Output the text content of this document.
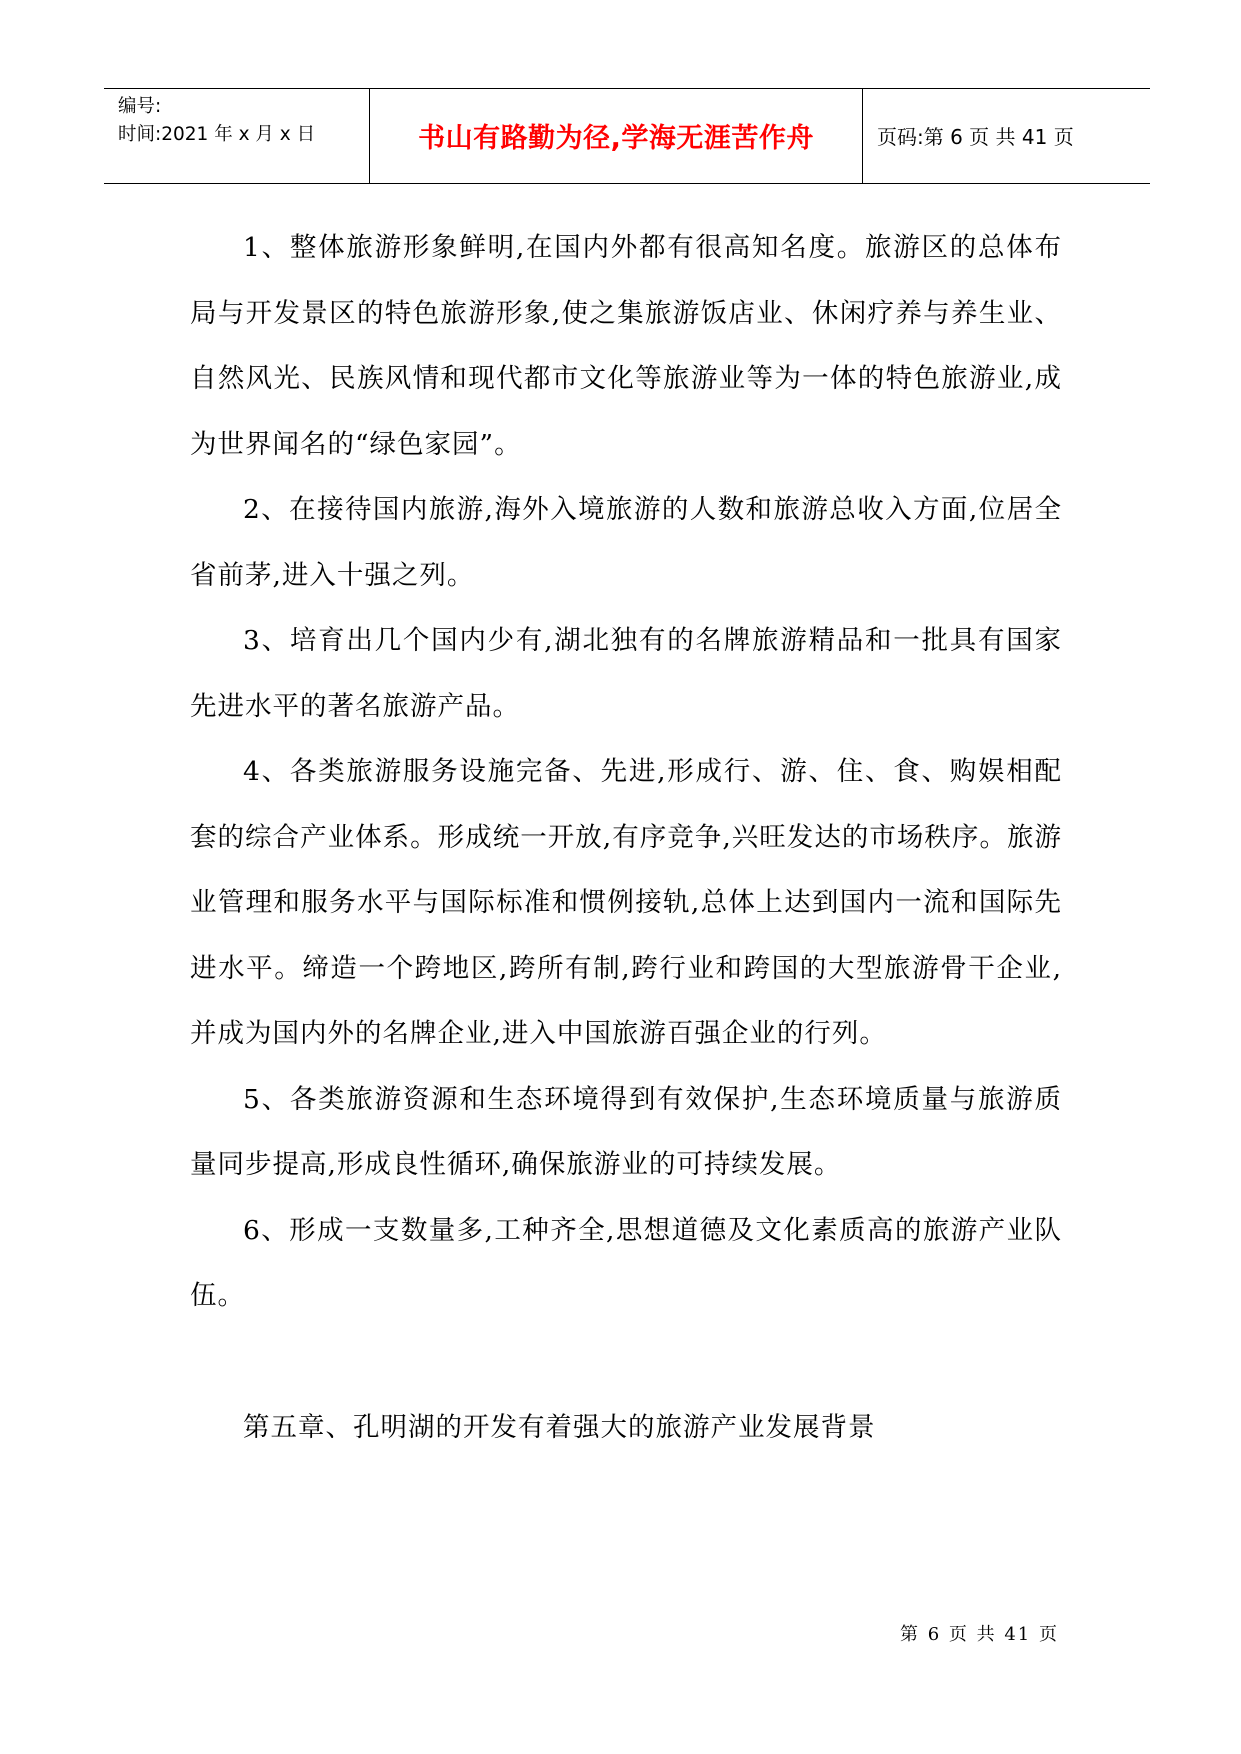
编号:
时间:2021 年 x 月 x 日	书山有路勤为径,学海无涯苦作舟	页码:第 6 页 共 41 页

1、整体旅游形象鲜明,在国内外都有很高知名度。旅游区的总体布局与开发景区的特色旅游形象,使之集旅游饭店业、休闲疗养与养生业、自然风光、民族风情和现代都市文化等旅游业等为一体的特色旅游业,成为世界闻名的“绿色家园”。

2、在接待国内旅游,海外入境旅游的人数和旅游总收入方面,位居全省前茅,进入十强之列。

3、培育出几个国内少有,湖北独有的名牌旅游精品和一批具有国家先进水平的著名旅游产品。

4、各类旅游服务设施完备、先进,形成行、游、住、食、购娱相配套的综合产业体系。形成统一开放,有序竞争,兴旺发达的市场秩序。旅游业管理和服务水平与国际标准和惯例接轨,总体上达到国内一流和国际先进水平。缔造一个跨地区,跨所有制,跨行业和跨国的大型旅游骨干企业,并成为国内外的名牌企业,进入中国旅游百强企业的行列。

5、各类旅游资源和生态环境得到有效保护,生态环境质量与旅游质量同步提高,形成良性循环,确保旅游业的可持续发展。

6、形成一支数量多,工种齐全,思想道德及文化素质高的旅游产业队伍。

第五章、孔明湖的开发有着强大的旅游产业发展背景

第 6 页 共 41 页
